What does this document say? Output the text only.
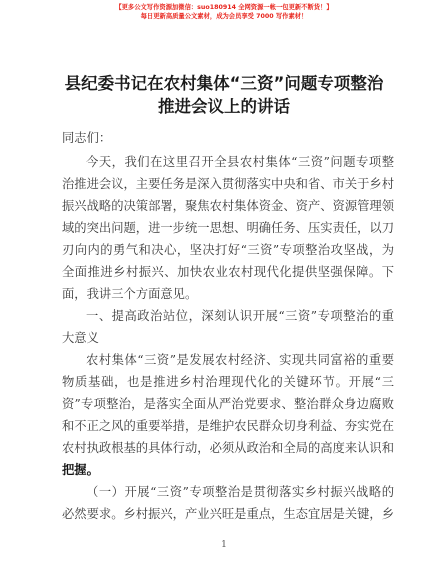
【更多公文写作资源加微信：suo180914 全网资源一帐一包更新不断货！】
每日更新高质量公文素材，成为会员享受 7000 写作素材！
县纪委书记在农村集体“三资”问题专项整治
推进会议上的讲话
同志们：
今天，我们在这里召开全县农村集体“三资”问题专项整
治推进会议，主要任务是深入贯彻落实中央和省、市关于乡村
振兴战略的决策部署，聚焦农村集体资金、资产、资源管理领
域的突出问题，进一步统一思想、明确任务、压实责任，以刀
刃向内的勇气和决心，坚决打好“三资”专项整治攻坚战，为
全面推进乡村振兴、加快农业农村现代化提供坚强保障。下
面，我讲三个方面意见。
一、提高政治站位，深刻认识开展“三资”专项整治的重
大意义
农村集体“三资”是发展农村经济、实现共同富裕的重要
物质基础，也是推进乡村治理现代化的关键环节。开展“三
资”专项整治，是落实全面从严治党要求、整治群众身边腐败
和不正之风的重要举措，是维护农民群众切身利益、夯实党在
农村执政根基的具体行动，必须从政治和全局的高度来认识和
把握。
（一）开展“三资”专项整治是贯彻落实乡村振兴战略的
必然要求。乡村振兴，产业兴旺是重点，生态宜居是关键，乡
1
